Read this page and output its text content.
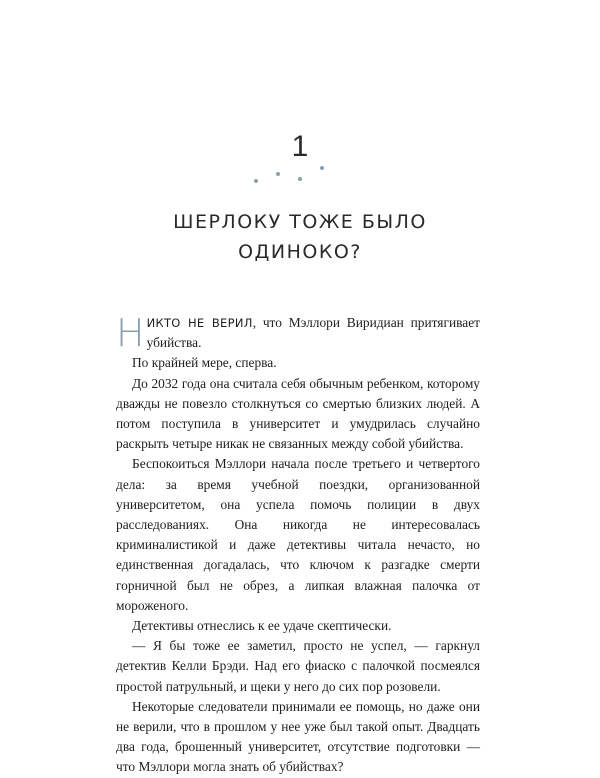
1
ШЕРЛОКУ ТОЖЕ БЫЛО
ОДИНОКО?

НИКТО НЕ ВЕРИЛ, что Мэллори Виридиан притягивает убийства.

По крайней мере, сперва.

До 2032 года она считала себя обычным ребенком, которому дважды не повезло столкнуться со смертью близких людей. А потом поступила в университет и умудрилась случайно раскрыть четыре никак не связанных между собой убийства.

Беспокоиться Мэллори начала после третьего и четвертого дела: за время учебной поездки, организованной университетом, она успела помочь полиции в двух расследованиях. Она никогда не интересовалась криминалистикой и даже детективы читала нечасто, но единственная догадалась, что ключом к разгадке смерти горничной был не обрез, а липкая влажная палочка от мороженого.

Детективы отнеслись к ее удаче скептически.

— Я бы тоже ее заметил, просто не успел, — гаркнул детектив Келли Брэди. Над его фиаско с палочкой посмеялся простой патрульный, и щеки у него до сих пор розовели.

Некоторые следователи принимали ее помощь, но даже они не верили, что в прошлом у нее уже был такой опыт. Двадцать два года, брошенный университет, отсутствие подготовки — что Мэллори могла знать об убийствах?
